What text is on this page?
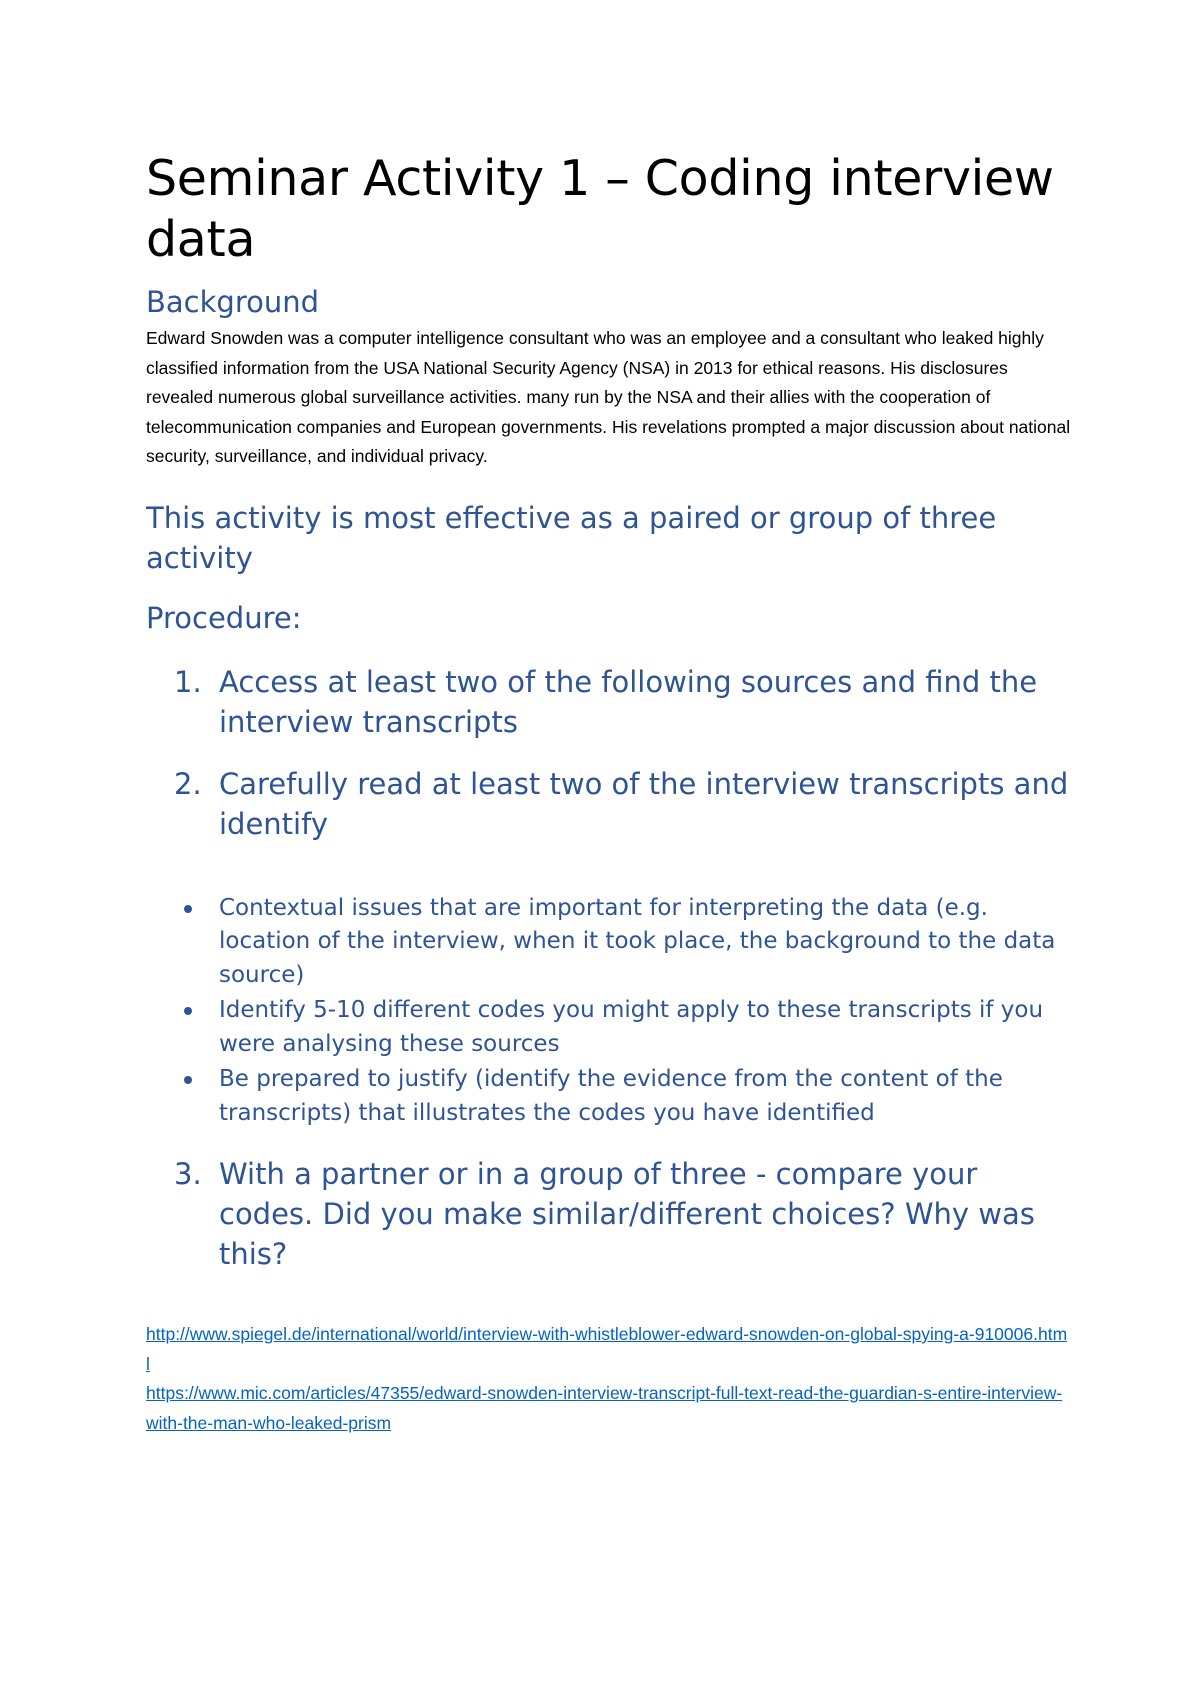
Seminar Activity 1 – Coding interview data
Background

Edward Snowden was a computer intelligence consultant who was an employee and a consultant who leaked highly classified information from the USA National Security Agency (NSA) in 2013 for ethical reasons. His disclosures revealed numerous global surveillance activities. many run by the NSA and their allies with the cooperation of telecommunication companies and European governments. His revelations prompted a major discussion about national security, surveillance, and individual privacy.

This activity is most effective as a paired or group of three activity
Procedure:
1. Access at least two of the following sources and find the interview transcripts
2. Carefully read at least two of the interview transcripts and identify
Contextual issues that are important for interpreting the data (e.g. location of the interview, when it took place, the background to the data source)
Identify 5-10 different codes you might apply to these transcripts if you were analysing these sources
Be prepared to justify (identify the evidence from the content of the transcripts) that illustrates the codes you have identified
3. With a partner or in a group of three - compare your codes. Did you make similar/different choices? Why was this?
http://www.spiegel.de/international/world/interview-with-whistleblower-edward-snowden-on-global-spying-a-910006.html
https://www.mic.com/articles/47355/edward-snowden-interview-transcript-full-text-read-the-guardian-s-entire-interview-with-the-man-who-leaked-prism
